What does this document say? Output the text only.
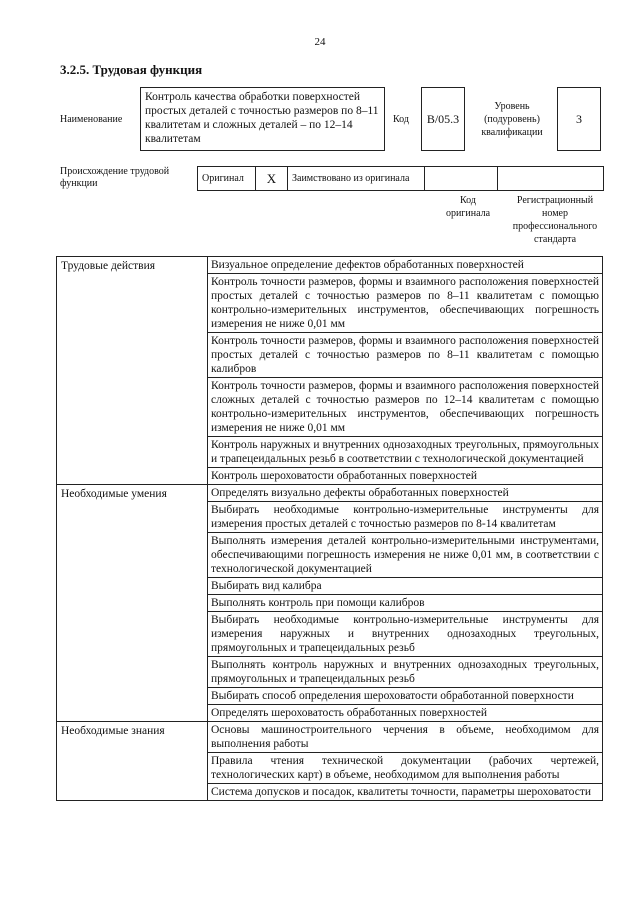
24
3.2.5. Трудовая функция
Наименование
Контроль качества обработки поверхностей простых деталей с точностью размеров по 8–11 квалитетам и сложных деталей – по 12–14 квалитетам
Код	B/05.3
Уровень (подуровень) квалификации
3
Происхождение трудовой функции	Оригинал	X	Заимствовано из оригинала
Код оригинала
Регистрационный номер профессионального стандарта
Трудовые действия	Визуальное определение дефектов обработанных поверхностей
	Контроль точности размеров, формы и взаимного расположения поверхностей простых деталей с точностью размеров по 8–11 квалитетам с помощью контрольно-измерительных инструментов, обеспечивающих погрешность измерения не ниже 0,01 мм
	Контроль точности размеров, формы и взаимного расположения поверхностей простых деталей с точностью размеров по 8–11 квалитетам с помощью калибров
	Контроль точности размеров, формы и взаимного расположения поверхностей сложных деталей с точностью размеров по 12–14 квалитетам с помощью контрольно-измерительных инструментов, обеспечивающих погрешность измерения не ниже 0,01 мм
	Контроль наружных и внутренних однозаходных треугольных, прямоугольных и трапецеидальных резьб в соответствии с технологической документацией
	Контроль шероховатости обработанных поверхностей
Необходимые умения	Определять визуально дефекты обработанных поверхностей
	Выбирать необходимые контрольно-измерительные инструменты для измерения простых деталей с точностью размеров по 8-14 квалитетам
	Выполнять измерения деталей контрольно-измерительными инструментами, обеспечивающими погрешность измерения не ниже 0,01 мм, в соответствии с технологической документацией
	Выбирать вид калибра
	Выполнять контроль при помощи калибров
	Выбирать необходимые контрольно-измерительные инструменты для измерения наружных и внутренних однозаходных треугольных, прямоугольных и трапецеидальных резьб
	Выполнять контроль наружных и внутренних однозаходных треугольных, прямоугольных и трапецеидальных резьб
	Выбирать способ определения шероховатости обработанной поверхности
	Определять шероховатость обработанных поверхностей
Необходимые знания	Основы машиностроительного черчения в объеме, необходимом для выполнения работы
	Правила чтения технической документации (рабочих чертежей, технологических карт) в объеме, необходимом для выполнения работы
	Система допусков и посадок, квалитеты точности, параметры шероховатости
